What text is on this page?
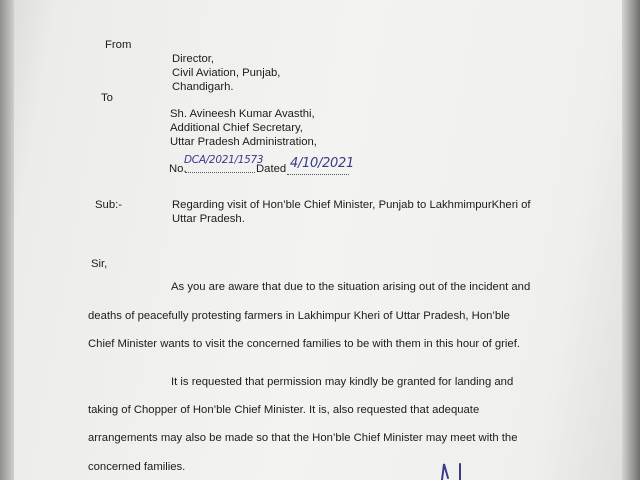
From
Director,
Civil Aviation, Punjab,
Chandigarh.
To
Sh. Avineesh Kumar Avasthi,
Additional Chief Secretary,
Uttar Pradesh Administration,
No.
DCA/2021/1573
Dated 4/10/2021
Sub:-	Regarding visit of Hon’ble Chief Minister, Punjab to LakhmimpurKheri of
Uttar Pradesh.
Sir,
As you are aware that due to the situation arising out of the incident and
deaths of peacefully protesting farmers in Lakhimpur Kheri of Uttar Pradesh, Hon’ble
Chief Minister wants to visit the concerned families to be with them in this hour of grief.
It is requested that permission may kindly be granted for landing and
taking of Chopper of Hon’ble Chief Minister. It is, also requested that adequate
arrangements may also be made so that the Hon’ble Chief Minister may meet with the
concerned families.
